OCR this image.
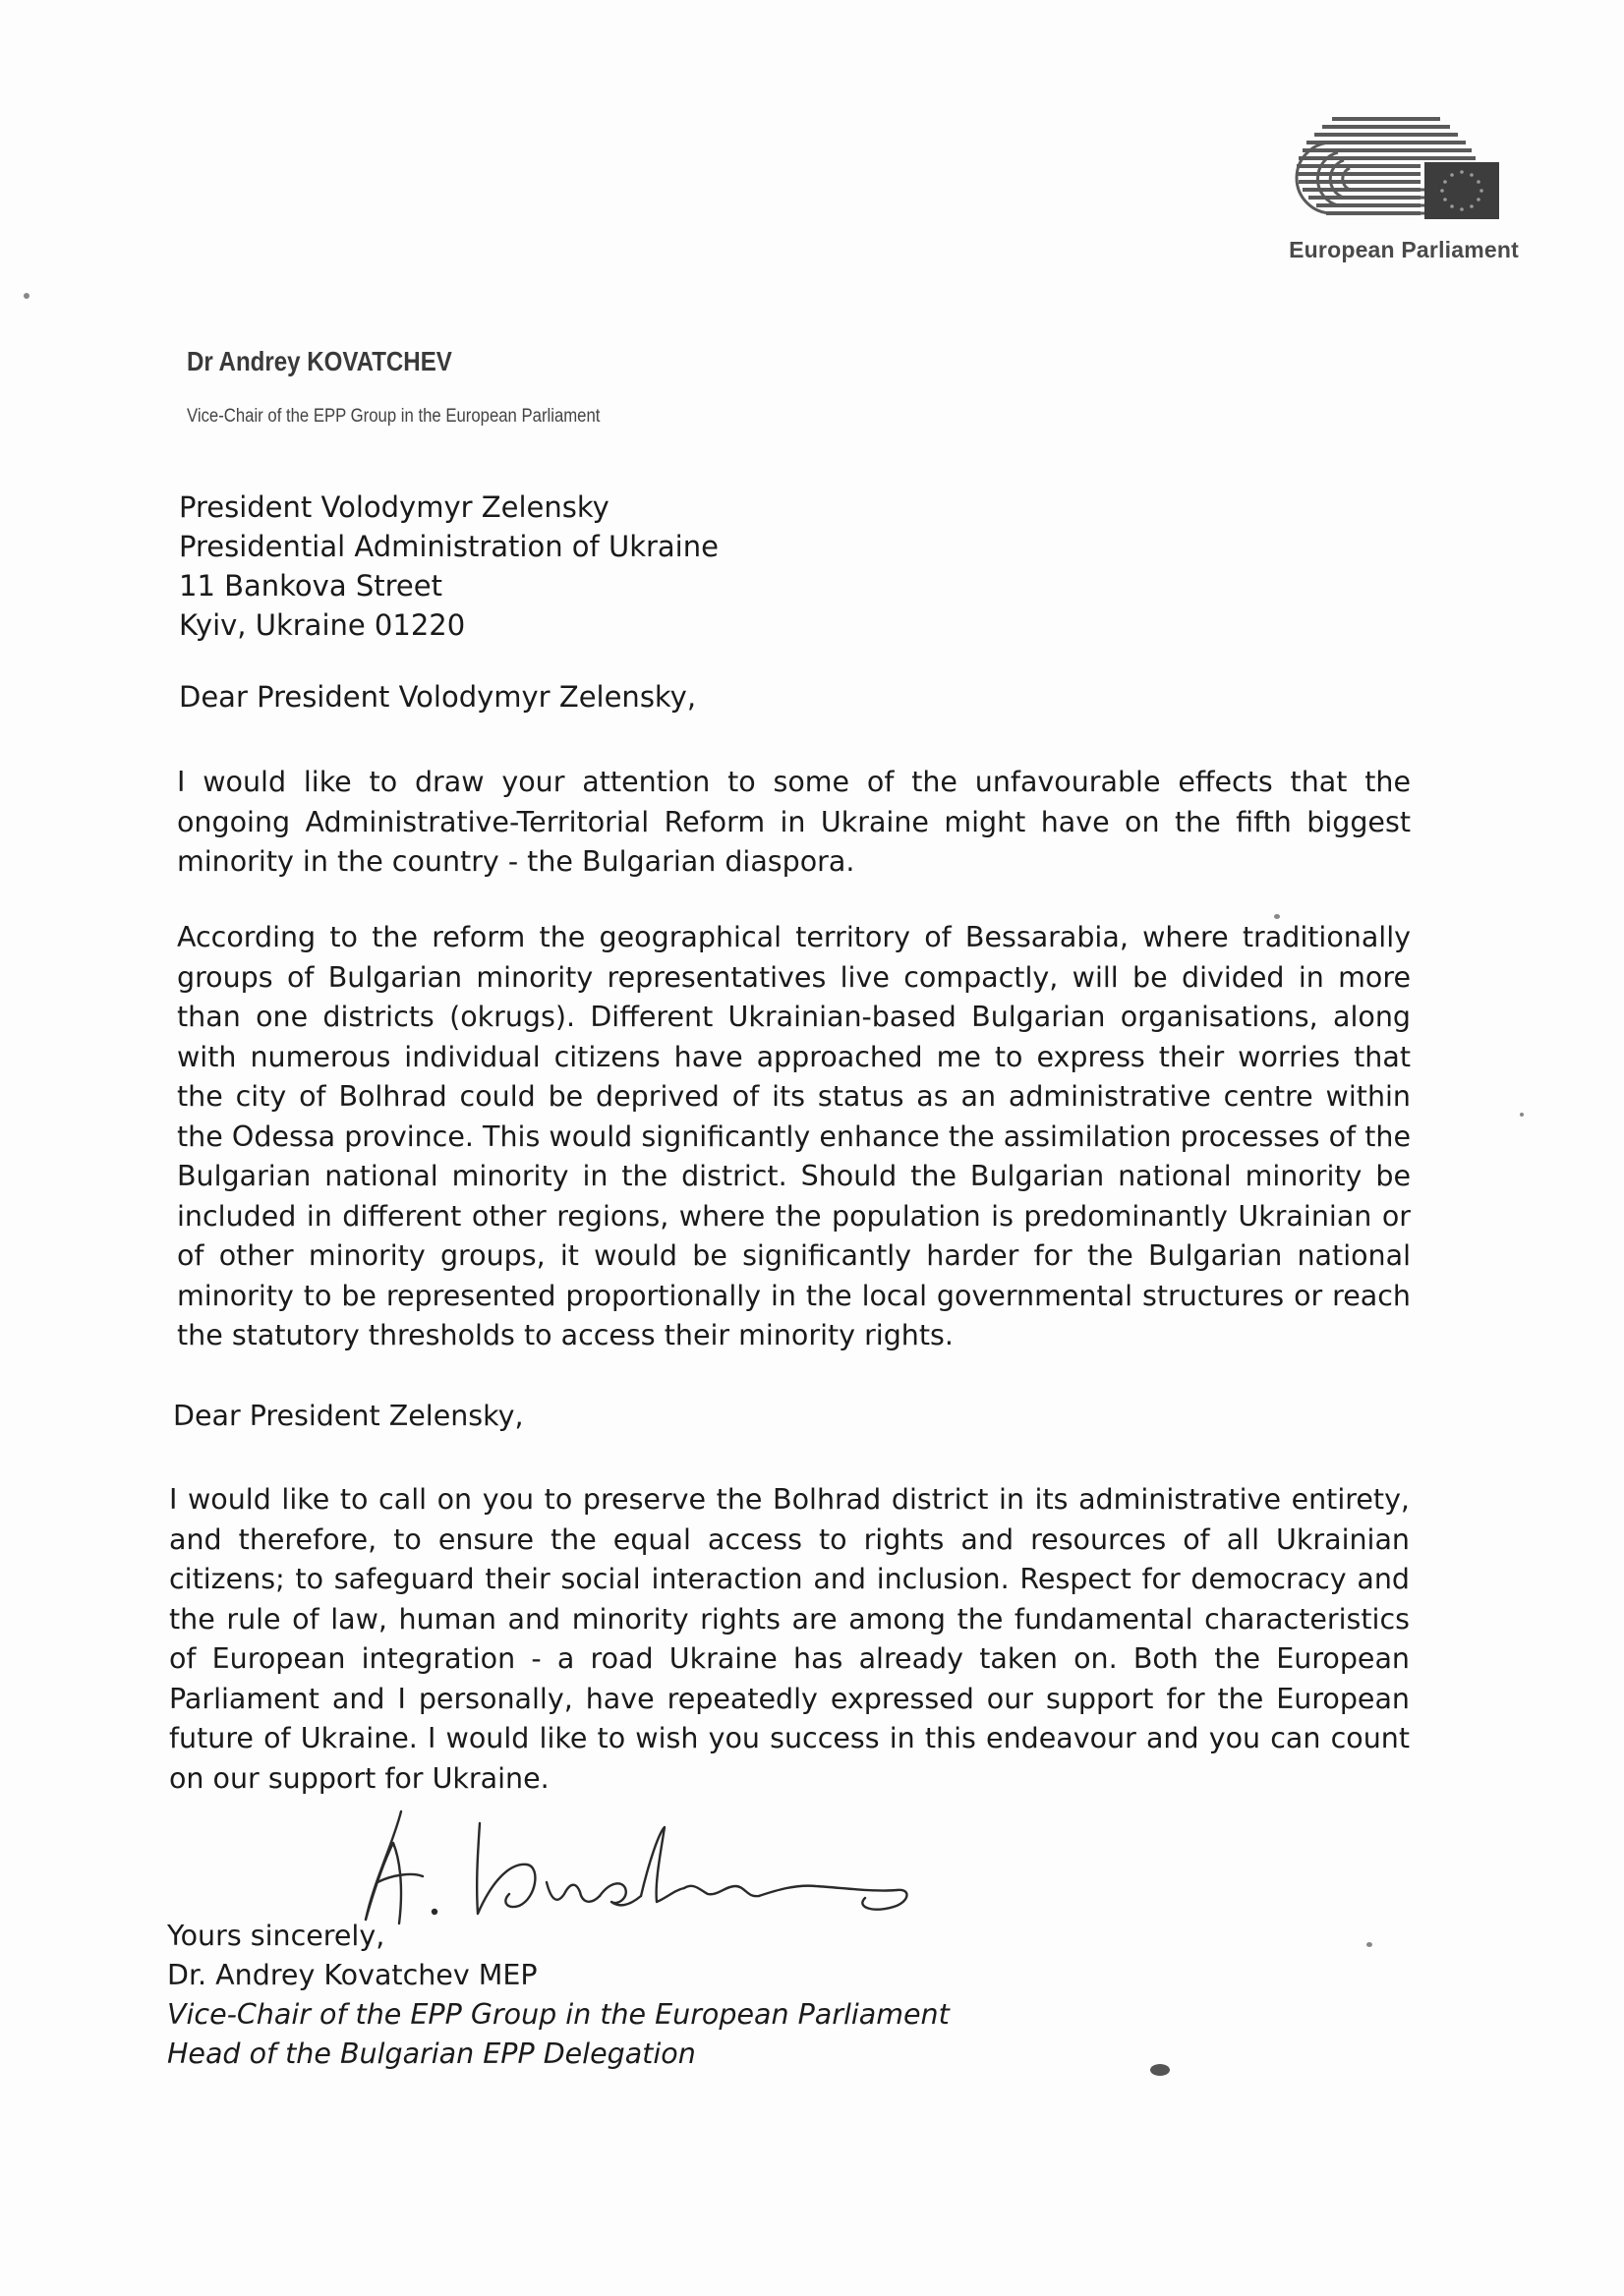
European Parliament
Dr Andrey KOVATCHEV
Vice-Chair of the EPP Group in the European Parliament
President Volodymyr Zelensky
Presidential Administration of Ukraine
11 Bankova Street
Kyiv, Ukraine 01220
Dear President Volodymyr Zelensky,
I would like to draw your attention to some of the unfavourable effects that the ongoing Administrative-Territorial Reform in Ukraine might have on the fifth biggest minority in the country - the Bulgarian diaspora.
According to the reform the geographical territory of Bessarabia, where traditionally groups of Bulgarian minority representatives live compactly, will be divided in more than one districts (okrugs). Different Ukrainian-based Bulgarian organisations, along with numerous individual citizens have approached me to express their worries that the city of Bolhrad could be deprived of its status as an administrative centre within the Odessa province. This would significantly enhance the assimilation processes of the Bulgarian national minority in the district. Should the Bulgarian national minority be included in different other regions, where the population is predominantly Ukrainian or of other minority groups, it would be significantly harder for the Bulgarian national minority to be represented proportionally in the local governmental structures or reach the statutory thresholds to access their minority rights.
Dear President Zelensky,
I would like to call on you to preserve the Bolhrad district in its administrative entirety, and therefore, to ensure the equal access to rights and resources of all Ukrainian citizens; to safeguard their social interaction and inclusion. Respect for democracy and the rule of law, human and minority rights are among the fundamental characteristics of European integration - a road Ukraine has already taken on. Both the European Parliament and I personally, have repeatedly expressed our support for the European future of Ukraine. I would like to wish you success in this endeavour and you can count on our support for Ukraine.
Yours sincerely,
Dr. Andrey Kovatchev MEP
Vice-Chair of the EPP Group in the European Parliament
Head of the Bulgarian EPP Delegation
